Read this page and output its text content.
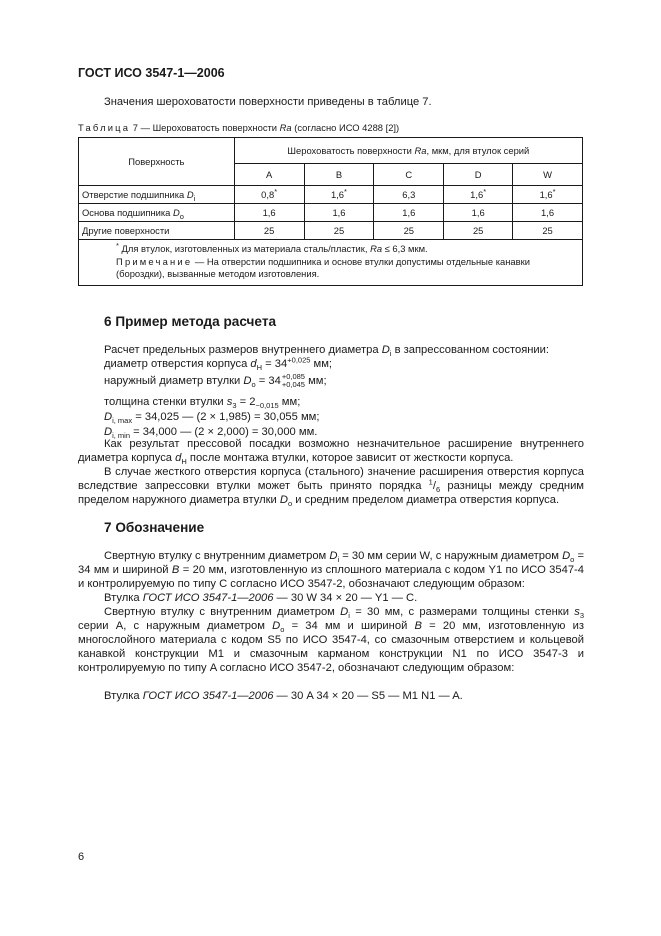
ГОСТ ИСО 3547-1—2006
Значения шероховатости поверхности приведены в таблице 7.
Таблица 7 — Шероховатость поверхности Ra (согласно ИСО 4288 [2])
Поверхность	Шероховатость поверхности Ra, мкм, для втулок серий				
	A	B	C	D	W
Отверстие подшипника $D_i$	0,8*	1,6*	6,3	1,6*	1,6*
Основа подшипника $D_o$	1,6	1,6	1,6	1,6	1,6
Другие поверхности	25	25	25	25	25

* Для втулок, изготовленных из материала сталь/пластик, Ra ≤ 6,3 мкм.
Примечание — На отверстии подшипника и основе втулки допустимы отдельные канавки (бороздки), вызванные методом изготовления.					
6 Пример метода расчета
Расчет предельных размеров внутреннего диаметра $D_i$ в запрессованном состоянии:
диаметр отверстия корпуса $d_H = 34^{+0,025}$ мм;
наружный диаметр втулки $D_o = 34+0,085$
+0,045 мм;
толщина стенки втулки $s_3 = 2_{-0,015}$ мм;
$D_{i, max} = 34,025$ — (2 × 1,985) = 30,055 мм;
$D_{i, min} = 34,000$ — (2 × 2,000) = 30,000 мм.
Как результат прессовой посадки возможно незначительное расширение внутреннего диаметра корпуса $d_H$ после монтажа втулки, которое зависит от жесткости корпуса.
В случае жесткого отверстия корпуса (стального) значение расширения отверстия корпуса вследствие запрессовки втулки может быть принято порядка $^1/_6$ разницы между средним пределом наружного диаметра втулки $D_o$ и средним пределом диаметра отверстия корпуса.
7 Обозначение
Свертную втулку с внутренним диаметром $D_i = 30$ мм серии W, с наружным диаметром $D_o = 34$ мм и шириной B = 20 мм, изготовленную из сплошного материала с кодом Y1 по ИСО 3547-4 и контролируемую по типу C согласно ИСО 3547-2, обозначают следующим образом:
Втулка ГОСТ ИСО 3547-1—2006 — 30 W 34 × 20 — Y1 — C.
Свертную втулку с внутренним диаметром $D_i = 30$ мм, с размерами толщины стенки $s_3$ серии А, с наружным диаметром $D_o = 34$ мм и шириной B = 20 мм, изготовленную из многослойного материала с кодом S5 по ИСО 3547-4, со смазочным отверстием и кольцевой канавкой конструкции M1 и смазочным карманом конструкции N1 по ИСО 3547-3 и контролируемую по типу A согласно ИСО 3547-2, обозначают следующим образом:
Втулка ГОСТ ИСО 3547-1—2006 — 30 A 34 × 20 — S5 — M1 N1 — A.
6
